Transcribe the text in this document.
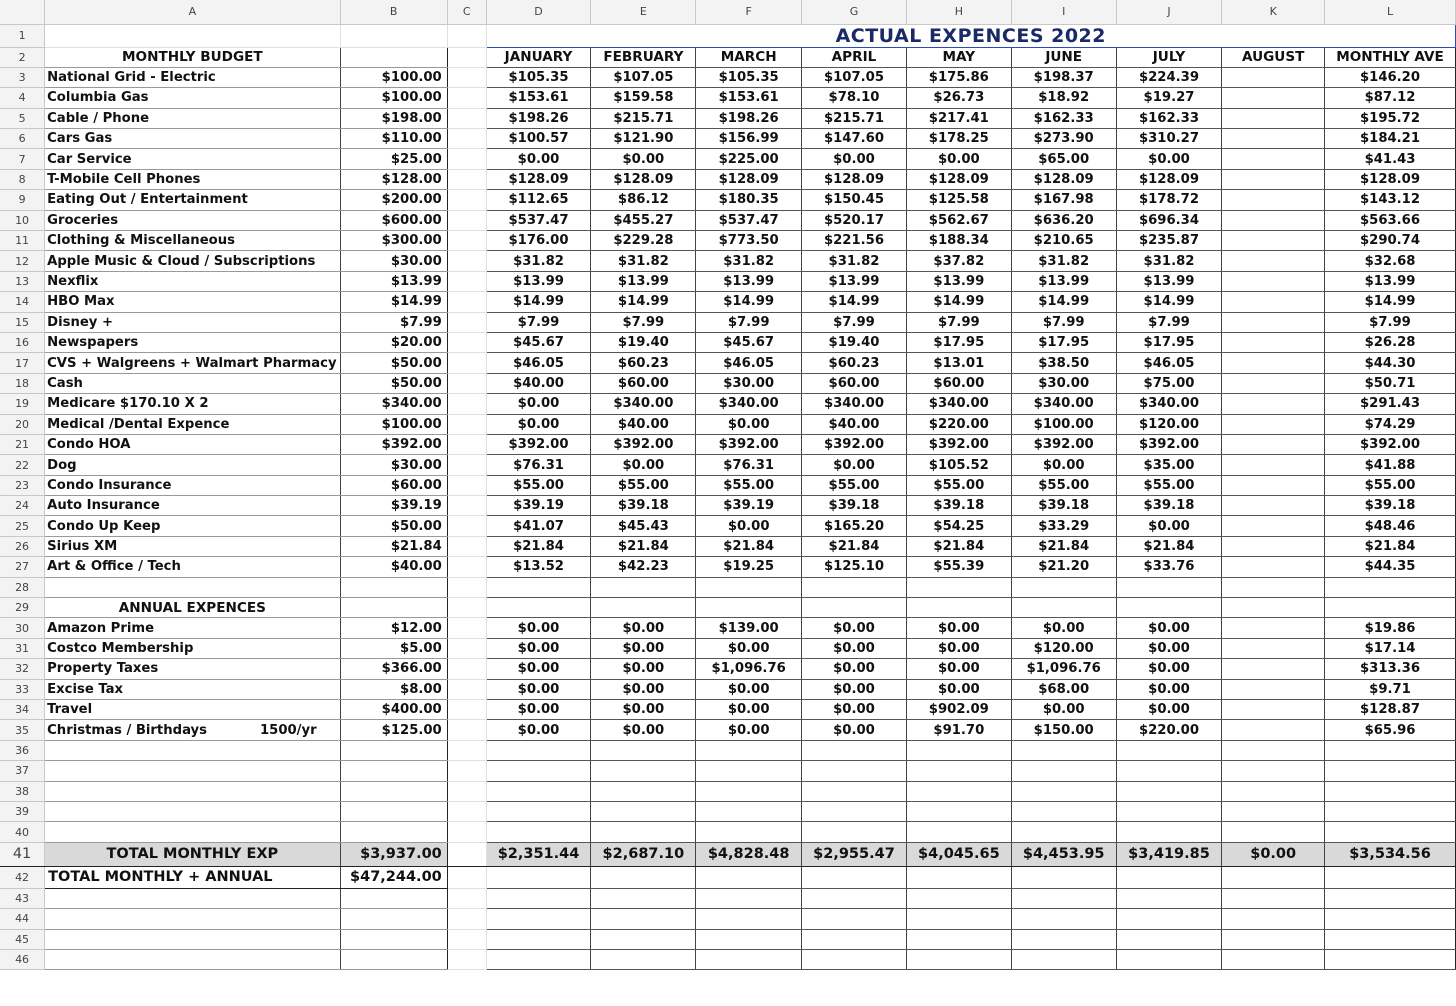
	A	B	C	D	E	F	G	H	I	J	K	L
1				ACTUAL EXPENCES 2022								
2	MONTHLY BUDGET			JANUARY	FEBRUARY	MARCH	APRIL	MAY	JUNE	JULY	AUGUST	MONTHLY AVE
3	National Grid - Electric	$100.00		$105.35	$107.05	$105.35	$107.05	$175.86	$198.37	$224.39		$146.20
4	Columbia Gas	$100.00		$153.61	$159.58	$153.61	$78.10	$26.73	$18.92	$19.27		$87.12
5	Cable / Phone	$198.00		$198.26	$215.71	$198.26	$215.71	$217.41	$162.33	$162.33		$195.72
6	Cars Gas	$110.00		$100.57	$121.90	$156.99	$147.60	$178.25	$273.90	$310.27		$184.21
7	Car Service	$25.00		$0.00	$0.00	$225.00	$0.00	$0.00	$65.00	$0.00		$41.43
8	T-Mobile Cell Phones	$128.00		$128.09	$128.09	$128.09	$128.09	$128.09	$128.09	$128.09		$128.09
9	Eating Out / Entertainment	$200.00		$112.65	$86.12	$180.35	$150.45	$125.58	$167.98	$178.72		$143.12
10	Groceries	$600.00		$537.47	$455.27	$537.47	$520.17	$562.67	$636.20	$696.34		$563.66
11	Clothing & Miscellaneous	$300.00		$176.00	$229.28	$773.50	$221.56	$188.34	$210.65	$235.87		$290.74
12	Apple Music & Cloud / Subscriptions	$30.00		$31.82	$31.82	$31.82	$31.82	$37.82	$31.82	$31.82		$32.68
13	Nexflix	$13.99		$13.99	$13.99	$13.99	$13.99	$13.99	$13.99	$13.99		$13.99
14	HBO Max	$14.99		$14.99	$14.99	$14.99	$14.99	$14.99	$14.99	$14.99		$14.99
15	Disney +	$7.99		$7.99	$7.99	$7.99	$7.99	$7.99	$7.99	$7.99		$7.99
16	Newspapers	$20.00		$45.67	$19.40	$45.67	$19.40	$17.95	$17.95	$17.95		$26.28
17	CVS + Walgreens + Walmart Pharmacy	$50.00		$46.05	$60.23	$46.05	$60.23	$13.01	$38.50	$46.05		$44.30
18	Cash	$50.00		$40.00	$60.00	$30.00	$60.00	$60.00	$30.00	$75.00		$50.71
19	Medicare $170.10 X 2	$340.00		$0.00	$340.00	$340.00	$340.00	$340.00	$340.00	$340.00		$291.43
20	Medical /Dental Expence	$100.00		$0.00	$40.00	$0.00	$40.00	$220.00	$100.00	$120.00		$74.29
21	Condo HOA	$392.00		$392.00	$392.00	$392.00	$392.00	$392.00	$392.00	$392.00		$392.00
22	Dog	$30.00		$76.31	$0.00	$76.31	$0.00	$105.52	$0.00	$35.00		$41.88
23	Condo Insurance	$60.00		$55.00	$55.00	$55.00	$55.00	$55.00	$55.00	$55.00		$55.00
24	Auto Insurance	$39.19		$39.19	$39.18	$39.19	$39.18	$39.18	$39.18	$39.18		$39.18
25	Condo Up Keep	$50.00		$41.07	$45.43	$0.00	$165.20	$54.25	$33.29	$0.00		$48.46
26	Sirius XM	$21.84		$21.84	$21.84	$21.84	$21.84	$21.84	$21.84	$21.84		$21.84
27	Art & Office / Tech	$40.00		$13.52	$42.23	$19.25	$125.10	$55.39	$21.20	$33.76		$44.35
28												
29	ANNUAL EXPENCES											
30	Amazon Prime	$12.00		$0.00	$0.00	$139.00	$0.00	$0.00	$0.00	$0.00		$19.86
31	Costco Membership	$5.00		$0.00	$0.00	$0.00	$0.00	$0.00	$120.00	$0.00		$17.14
32	Property Taxes	$366.00		$0.00	$0.00	$1,096.76	$0.00	$0.00	$1,096.76	$0.00		$313.36
33	Excise Tax	$8.00		$0.00	$0.00	$0.00	$0.00	$0.00	$68.00	$0.00		$9.71
34	Travel	$400.00		$0.00	$0.00	$0.00	$0.00	$902.09	$0.00	$0.00		$128.87
35	Christmas / Birthdays 1500/yr	$125.00		$0.00	$0.00	$0.00	$0.00	$91.70	$150.00	$220.00		$65.96
36												
37												
38												
39												
40												
41	TOTAL MONTHLY EXP	$3,937.00		$2,351.44	$2,687.10	$4,828.48	$2,955.47	$4,045.65	$4,453.95	$3,419.85	$0.00	$3,534.56
42	TOTAL MONTHLY + ANNUAL	$47,244.00										
43												
44												
45												
46												
